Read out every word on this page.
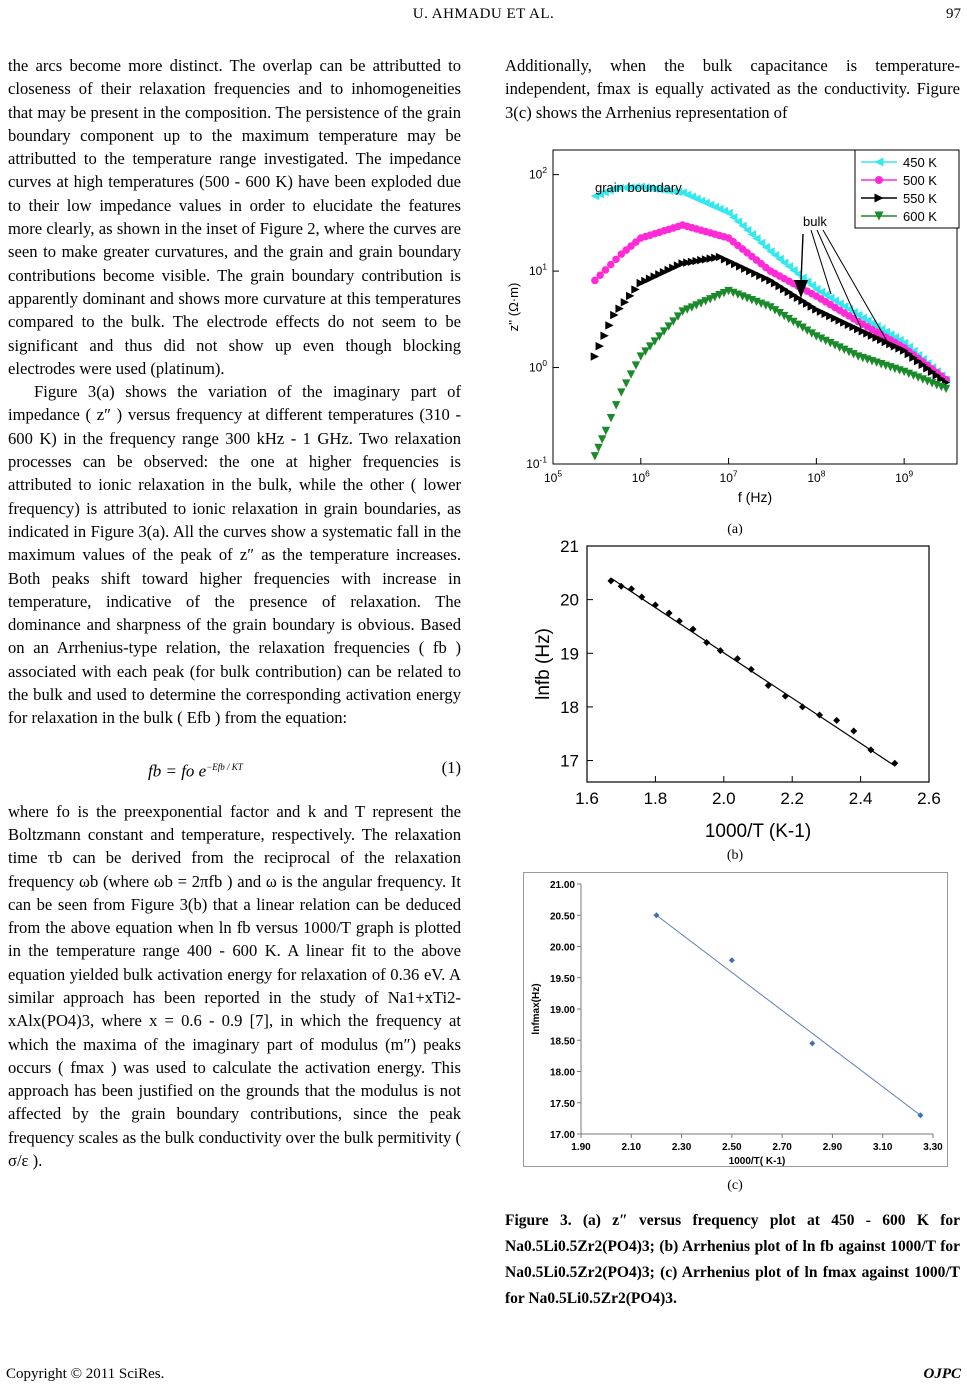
U. AHMADU ET AL.	97

the arcs become more distinct. The overlap can be attributted to closeness of their relaxation frequencies and to inhomogeneities that may be present in the composition. The persistence of the grain boundary component up to the maximum temperature may be attributted to the temperature range investigated. The impedance curves at high temperatures (500 - 600 K) have been exploded due to their low impedance values in order to elucidate the features more clearly, as shown in the inset of Figure 2, where the curves are seen to make greater curvatures, and the grain and grain boundary contributions become visible. The grain boundary contribution is apparently dominant and shows more curvature at this temperatures compared to the bulk. The electrode effects do not seem to be significant and thus did not show up even though blocking electrodes were used (platinum).

Figure 3(a) shows the variation of the imaginary part of impedance ( z″ ) versus frequency at different temperatures (310 - 600 K) in the frequency range 300 kHz - 1 GHz. Two relaxation processes can be observed: the one at higher frequencies is attributed to ionic relaxation in the bulk, while the other ( lower frequency) is attributed to ionic relaxation in grain boundaries, as indicated in Figure 3(a). All the curves show a systematic fall in the maximum values of the peak of z″ as the temperature increases. Both peaks shift toward higher frequencies with increase in temperature, indicative of the presence of relaxation. The dominance and sharpness of the grain boundary is obvious. Based on an Arrhenius-type relation, the relaxation frequencies ( fb ) associated with each peak (for bulk contribution) can be related to the bulk and used to determine the corresponding activation energy for relaxation in the bulk ( Efb ) from the equation:

fb = fo $e^{-Efb / KT}$	(1)

where fo is the preexponential factor and k and T represent the Boltzmann constant and temperature, respectively. The relaxation time τb can be derived from the reciprocal of the relaxation frequency ωb (where ωb = 2πfb ) and ω is the angular frequency. It can be seen from Figure 3(b) that a linear relation can be deduced from the above equation when ln fb versus 1000/T graph is plotted in the temperature range 400 - 600 K. A linear fit to the above equation yielded bulk activation energy for relaxation of 0.36 eV. A similar approach has been reported in the study of Na1+xTi2-xAlx(PO4)3, where x = 0.6 - 0.9 [7], in which the frequency at which the maxima of the imaginary part of modulus (m″) peaks occurs ( fmax ) was used to calculate the activation energy. This approach has been justified on the grounds that the modulus is not affected by the grain boundary contributions, since the peak frequency scales as the bulk conductivity over the bulk permitivity ( σ/ε ).

Additionally, when the bulk capacitance is temperature-independent, fmax is equally activated as the conductivity. Figure 3(c) shows the Arrhenius representation of

$10^5$	$10^6$	$10^7$	$10^8$	$10^9$
$10^2$
$10^1$
$10^0$
$10^{-1}$
f (Hz)
z'' (Ω·m)
450 K
500 K
550 K
600 K
grain boundary
bulk
(a)
1.6	1.8	2.0	2.2	2.4	2.6
21
20
19
18
17
1000/T (K-1)
lnfb (Hz)
(b)
1.90	2.10	2.30	2.50	2.70	2.90	3.10	3.30
21.00
20.50
20.00
19.50
19.00
18.50
18.00
17.50
17.00
1000/T( K-1)
lnfmax(Hz)
(c)
Figure 3. (a) z″ versus frequency plot at 450 - 600 K for Na0.5Li0.5Zr2(PO4)3; (b) Arrhenius plot of ln fb against 1000/T for Na0.5Li0.5Zr2(PO4)3; (c) Arrhenius plot of ln fmax against 1000/T for Na0.5Li0.5Zr2(PO4)3.
Copyright © 2011 SciRes.	OJPC
